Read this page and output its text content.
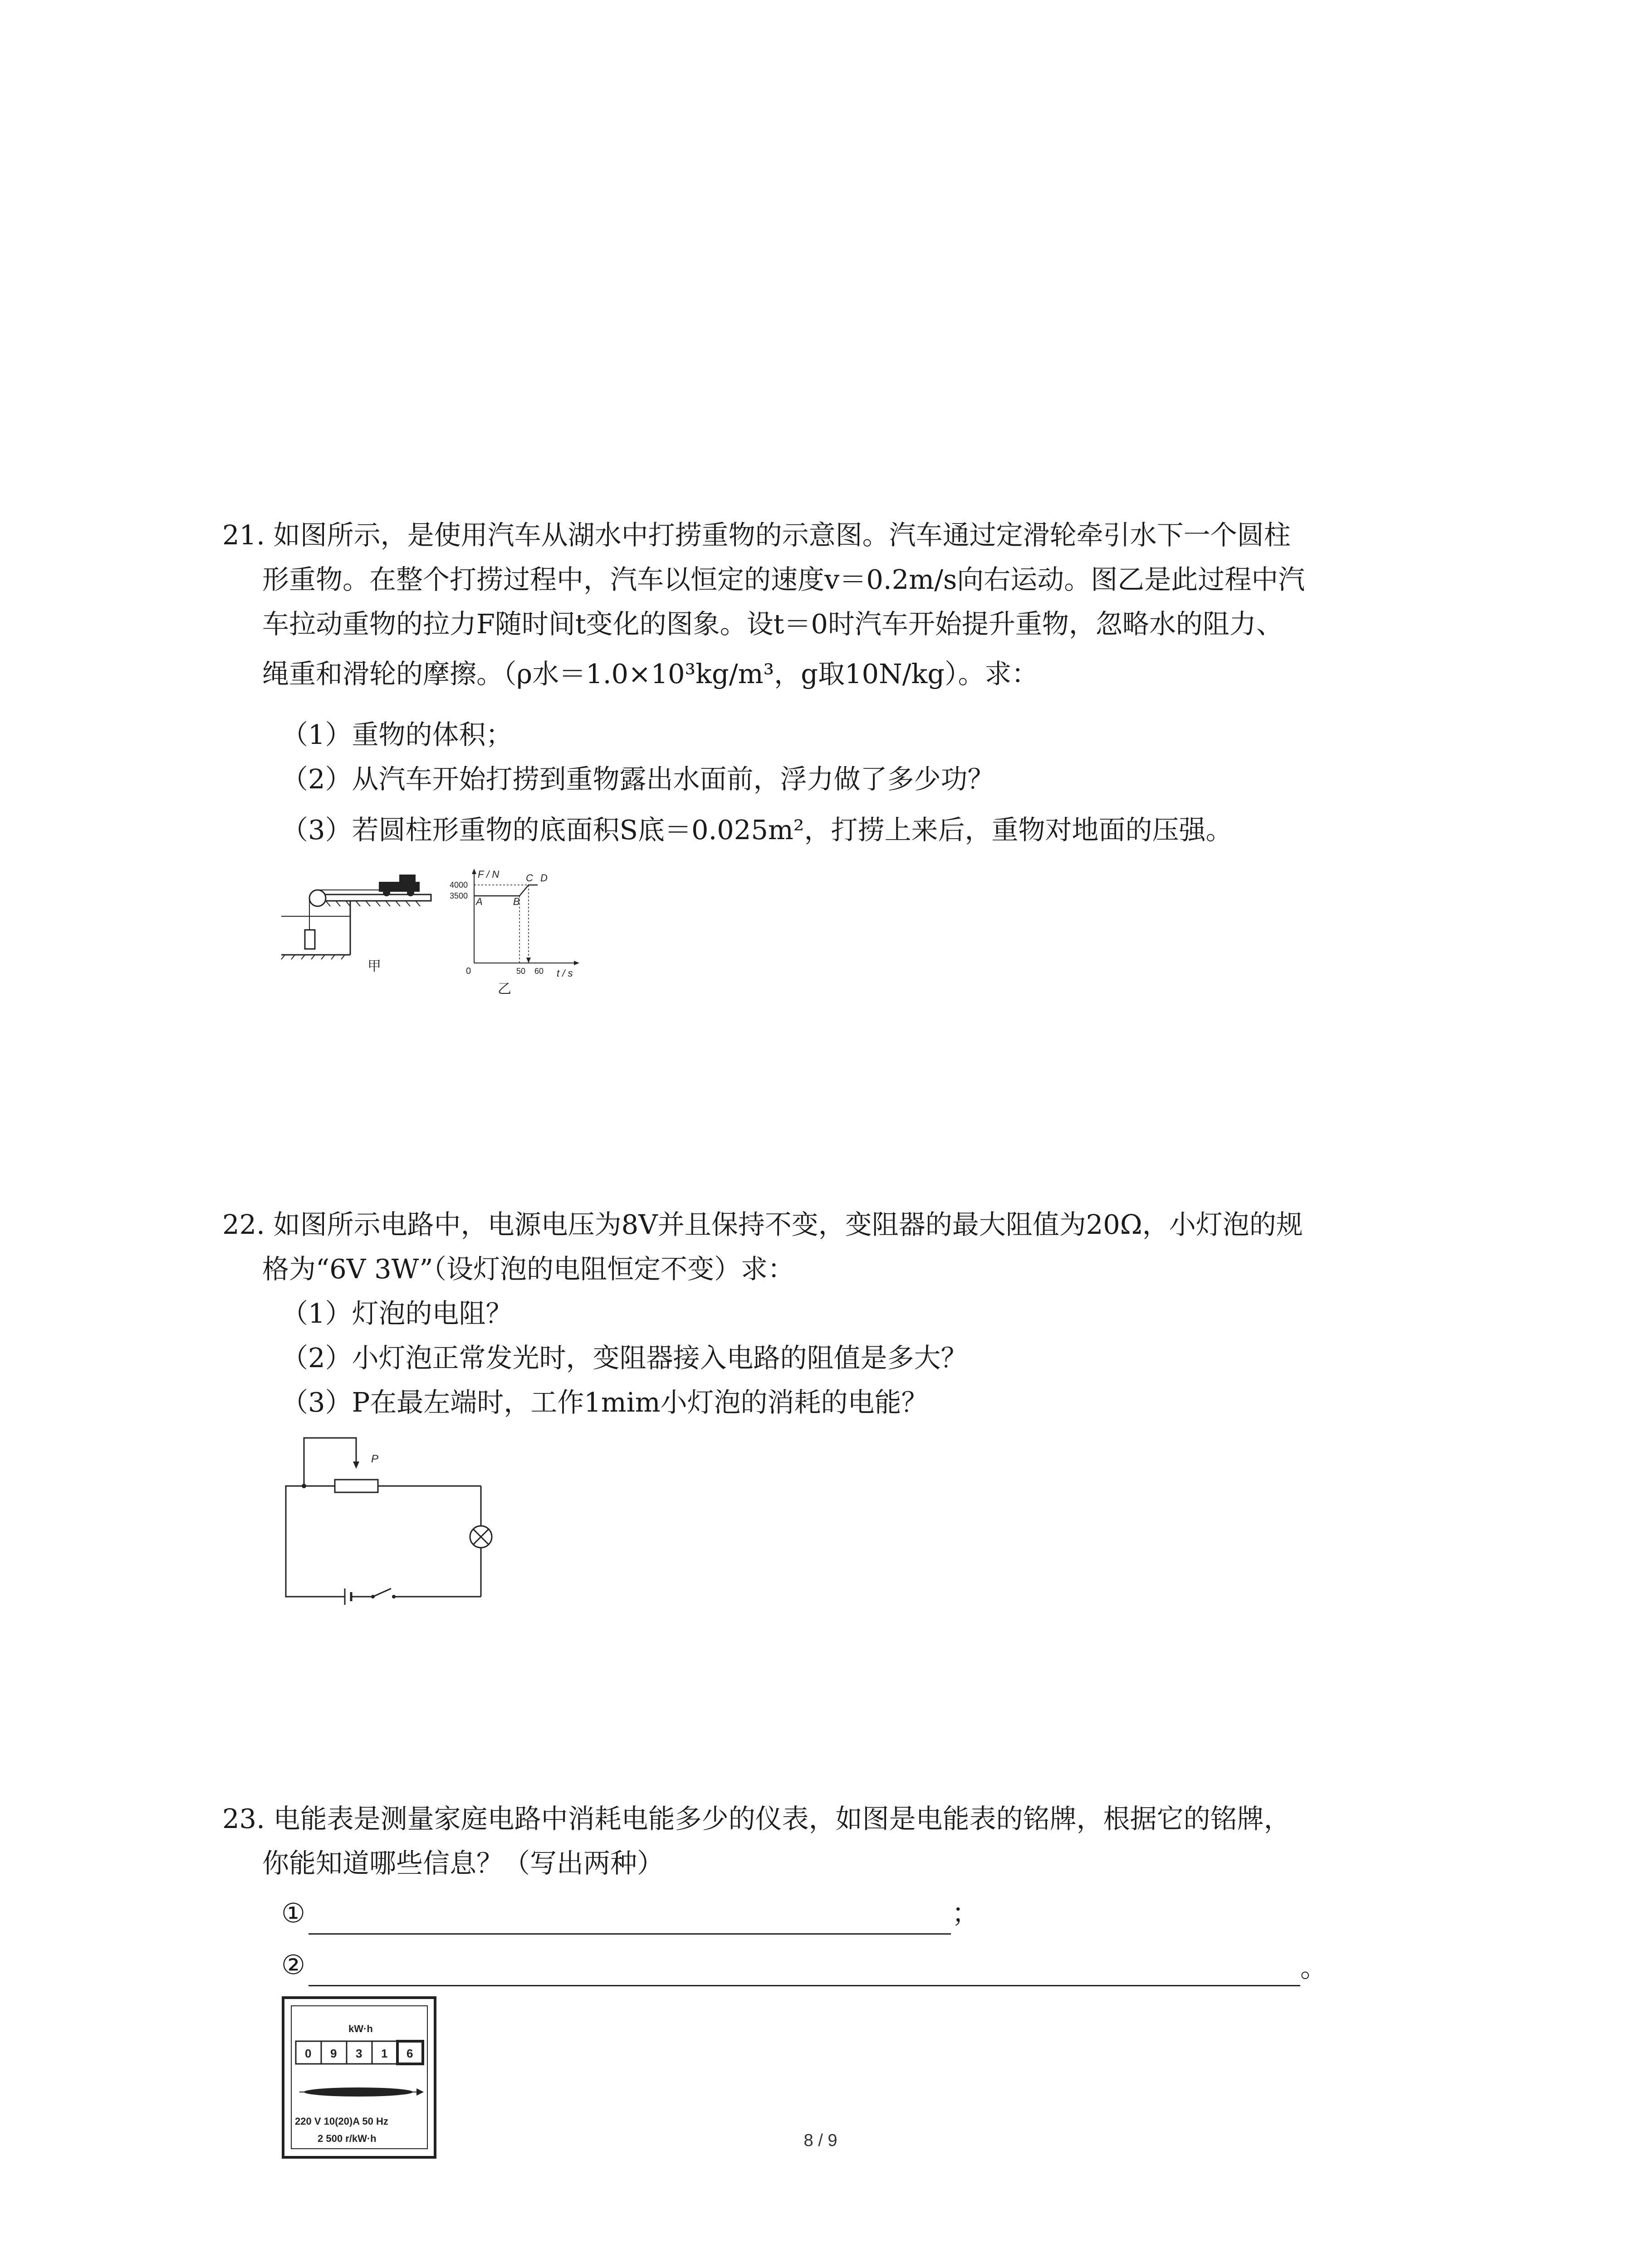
21. 如图所示，是使用汽车从湖水中打捞重物的示意图。汽车通过定滑轮牵引水下一个圆柱
形重物。在整个打捞过程中，汽车以恒定的速度v＝0.2m/s向右运动。图乙是此过程中汽
车拉动重物的拉力F随时间t变化的图象。设t＝0时汽车开始提升重物，忽略水的阻力、
绳重和滑轮的摩擦。（ρ水＝1.0×10³kg/m³，g取10N/kg）。求：
（1）重物的体积；
（2）从汽车开始打捞到重物露出水面前，浮力做了多少功？
（3）若圆柱形重物的底面积S底＝0.025m²，打捞上来后，重物对地面的压强。
甲
F / N
t / s
0
4000
3500
50 60
A	B
C D
乙
22. 如图所示电路中，电源电压为8V并且保持不变，变阻器的最大阻值为20Ω，小灯泡的规
格为“6V 3W”（设灯泡的电阻恒定不变）求：
（1）灯泡的电阻？
（2）小灯泡正常发光时，变阻器接入电路的阻值是多大？
（3）P在最左端时，工作1mim小灯泡的消耗的电能？
P
23. 电能表是测量家庭电路中消耗电能多少的仪表，如图是电能表的铭牌，根据它的铭牌，
你能知道哪些信息？（写出两种）
①	；
②	。
kW·h
0 9 3 1 6
220 V 10(20)A 50 Hz
2 500 r/kW·h	8 / 9
